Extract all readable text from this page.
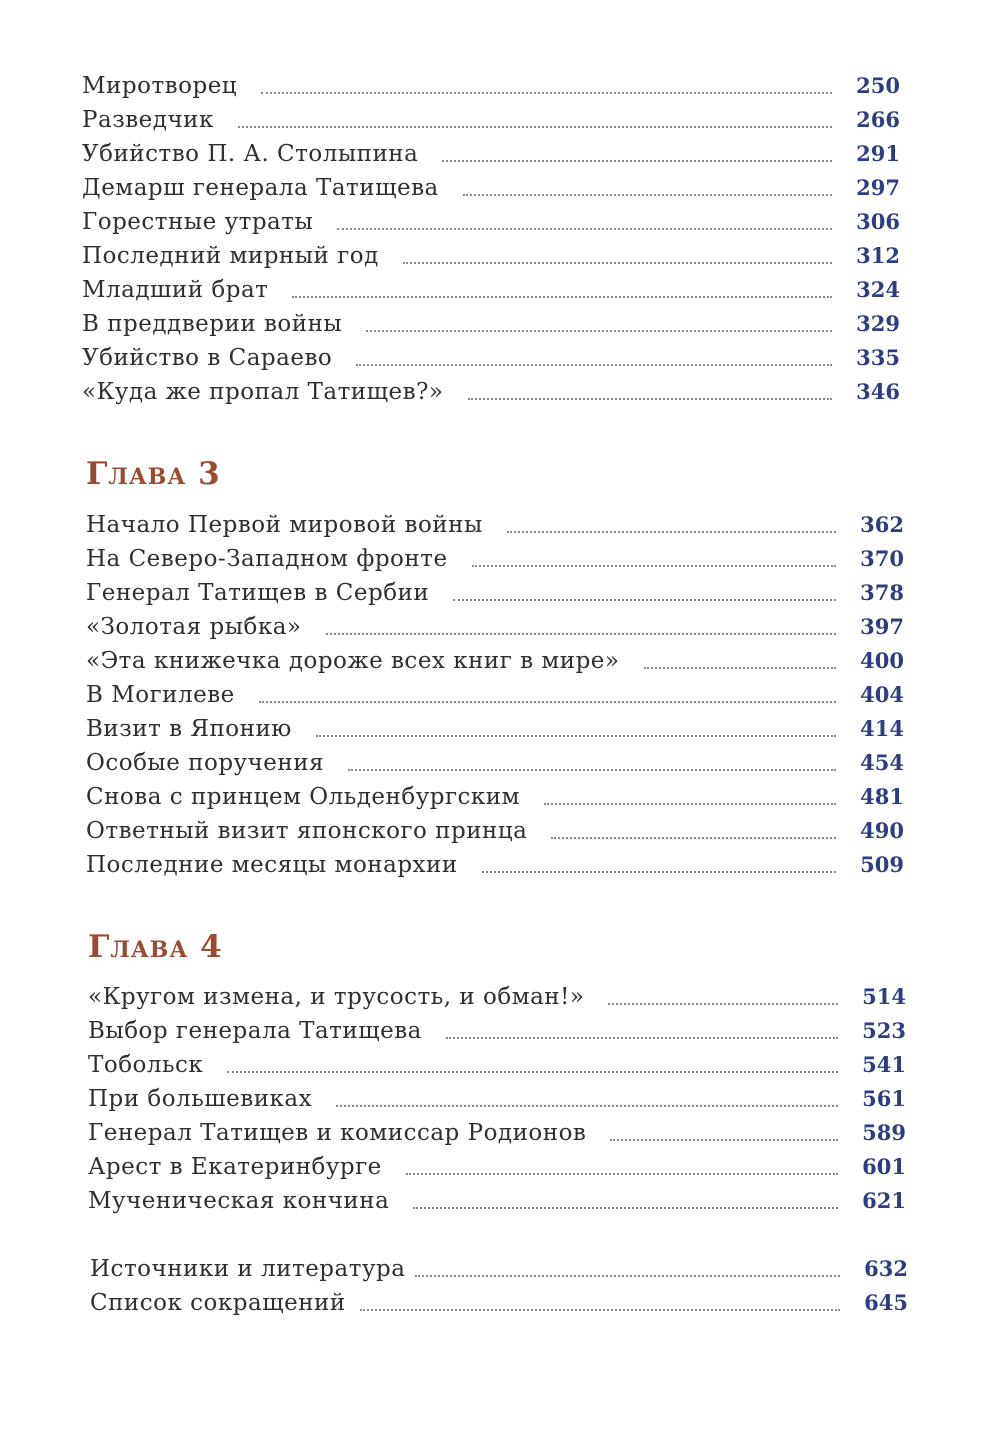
Миротворец	250
Разведчик	266
Убийство П. А. Столыпина	291
Демарш генерала Татищева	297
Горестные утраты	306
Последний мирный год	312
Младший брат	324
В преддверии войны	329
Убийство в Сараево	335
«Куда же пропал Татищев?»	346
Глава 3
Начало Первой мировой войны	362
На Северо-Западном фронте	370
Генерал Татищев в Сербии	378
«Золотая рыбка»	397
«Эта книжечка дороже всех книг в мире»	400
В Могилеве	404
Визит в Японию	414
Особые поручения	454
Снова с принцем Ольденбургским	481
Ответный визит японского принца	490
Последние месяцы монархии	509
Глава 4
«Кругом измена, и трусость, и обман!»	514
Выбор генерала Татищева	523
Тобольск	541
При большевиках	561
Генерал Татищев и комиссар Родионов	589
Арест в Екатеринбурге	601
Мученическая кончина	621
Источники и литература	632
Список сокращений	645
